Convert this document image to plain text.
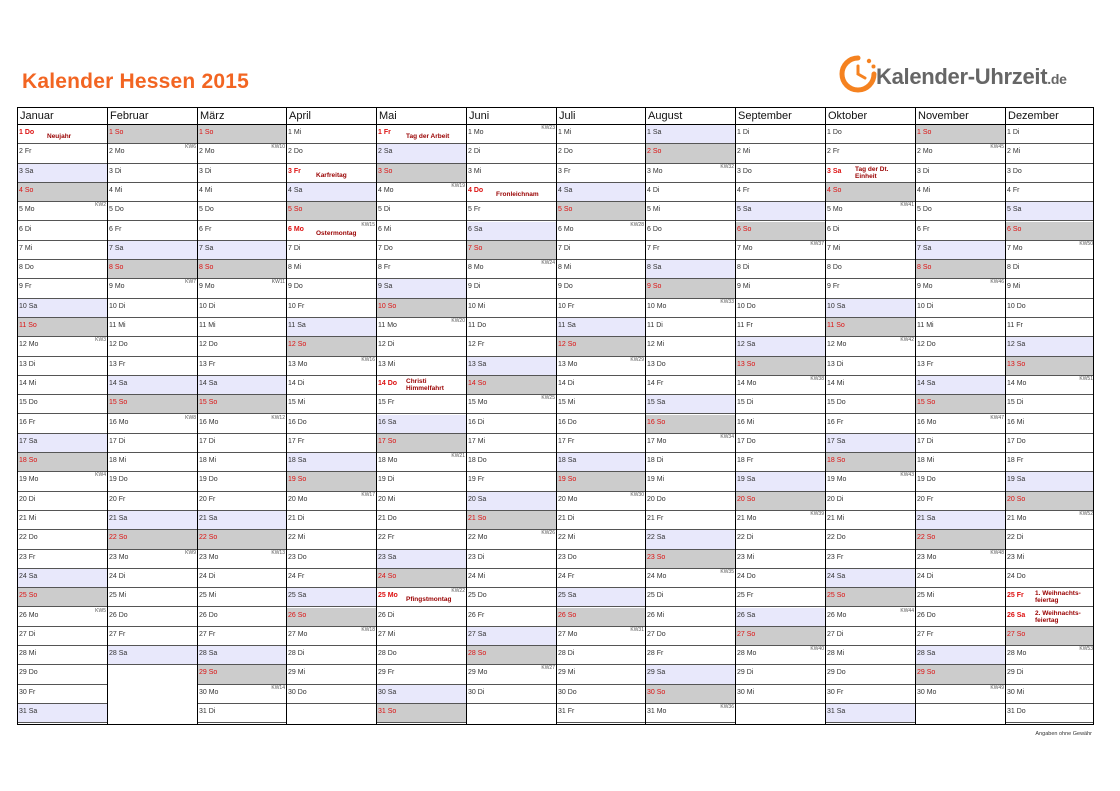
Kalender Hessen 2015	Kalender-Uhrzeit.de
Januar
1 Do
Neujahr
2 Fr
3 Sa
4 So
5 Mo
KW2
6 Di
7 Mi
8 Do
9 Fr
10 Sa
11 So
12 Mo
KW3
13 Di
14 Mi
15 Do
16 Fr
17 Sa
18 So
19 Mo
KW4
20 Di
21 Mi
22 Do
23 Fr
24 Sa
25 So
26 Mo
KW5
27 Di
28 Mi
29 Do
30 Fr
31 Sa
Februar
1 So
2 Mo
KW6
3 Di
4 Mi
5 Do
6 Fr
7 Sa
8 So
9 Mo
KW7
10 Di
11 Mi
12 Do
13 Fr
14 Sa
15 So
16 Mo
KW8
17 Di
18 Mi
19 Do
20 Fr
21 Sa
22 So
23 Mo
KW9
24 Di
25 Mi
26 Do
27 Fr
28 Sa
März
1 So
2 Mo
KW10
3 Di
4 Mi
5 Do
6 Fr
7 Sa
8 So
9 Mo
KW11
10 Di
11 Mi
12 Do
13 Fr
14 Sa
15 So
16 Mo
KW12
17 Di
18 Mi
19 Do
20 Fr
21 Sa
22 So
23 Mo
KW13
24 Di
25 Mi
26 Do
27 Fr
28 Sa
29 So
30 Mo
KW14
31 Di
April
1 Mi
2 Do
3 Fr
Karfreitag
4 Sa
5 So
6 Mo
Ostermontag
KW15
7 Di
8 Mi
9 Do
10 Fr
11 Sa
12 So
13 Mo
KW16
14 Di
15 Mi
16 Do
17 Fr
18 Sa
19 So
20 Mo
KW17
21 Di
22 Mi
23 Do
24 Fr
25 Sa
26 So
27 Mo
KW18
28 Di
29 Mi
30 Do
Mai
1 Fr
Tag der Arbeit
2 Sa
3 So
4 Mo
KW19
5 Di
6 Mi
7 Do
8 Fr
9 Sa
10 So
11 Mo
KW20
12 Di
13 Mi
14 Do Christi
Himmelfahrt
15 Fr
16 Sa
17 So
18 Mo
KW21
19 Di
20 Mi
21 Do
22 Fr
23 Sa
24 So
25 Mo
Pfingstmontag
KW22
26 Di
27 Mi
28 Do
29 Fr
30 Sa
31 So
Juni
1 Mo
KW23
2 Di
3 Mi
4 Do
Fronleichnam
5 Fr
6 Sa
7 So
8 Mo
KW24
9 Di
10 Mi
11 Do
12 Fr
13 Sa
14 So
15 Mo
KW25
16 Di
17 Mi
18 Do
19 Fr
20 Sa
21 So
22 Mo
KW26
23 Di
24 Mi
25 Do
26 Fr
27 Sa
28 So
29 Mo
KW27
30 Di
Juli
1 Mi
2 Do
3 Fr
4 Sa
5 So
6 Mo
KW28
7 Di
8 Mi
9 Do
10 Fr
11 Sa
12 So
13 Mo
KW29
14 Di
15 Mi
16 Do
17 Fr
18 Sa
19 So
20 Mo
KW30
21 Di
22 Mi
23 Do
24 Fr
25 Sa
26 So
27 Mo
KW31
28 Di
29 Mi
30 Do
31 Fr
August
1 Sa
2 So
3 Mo
KW32
4 Di
5 Mi
6 Do
7 Fr
8 Sa
9 So
10 Mo
KW33
11 Di
12 Mi
13 Do
14 Fr
15 Sa
16 So
17 Mo
KW34
18 Di
19 Mi
20 Do
21 Fr
22 Sa
23 So
24 Mo
KW35
25 Di
26 Mi
27 Do
28 Fr
29 Sa
30 So
31 Mo
KW36
September
1 Di
2 Mi
3 Do
4 Fr
5 Sa
6 So
7 Mo
KW37
8 Di
9 Mi
10 Do
11 Fr
12 Sa
13 So
14 Mo
KW38
15 Di
16 Mi
17 Do
18 Fr
19 Sa
20 So
21 Mo
KW39
22 Di
23 Mi
24 Do
25 Fr
26 Sa
27 So
28 Mo
KW40
29 Di
30 Mi
Oktober
1 Do
2 Fr
3 Sa Tag der Dt.
Einheit
4 So
5 Mo
KW41
6 Di
7 Mi
8 Do
9 Fr
10 Sa
11 So
12 Mo
KW42
13 Di
14 Mi
15 Do
16 Fr
17 Sa
18 So
19 Mo
KW43
20 Di
21 Mi
22 Do
23 Fr
24 Sa
25 So
26 Mo
KW44
27 Di
28 Mi
29 Do
30 Fr
31 Sa
November
1 So
2 Mo
KW45
3 Di
4 Mi
5 Do
6 Fr
7 Sa
8 So
9 Mo
KW46
10 Di
11 Mi
12 Do
13 Fr
14 Sa
15 So
16 Mo
KW47
17 Di
18 Mi
19 Do
20 Fr
21 Sa
22 So
23 Mo
KW48
24 Di
25 Mi
26 Do
27 Fr
28 Sa
29 So
30 Mo
KW49
Dezember
1 Di
2 Mi
3 Do
4 Fr
5 Sa
6 So
7 Mo
KW50
8 Di
9 Mi
10 Do
11 Fr
12 Sa
13 So
14 Mo
KW51
15 Di
16 Mi
17 Do
18 Fr
19 Sa
20 So
21 Mo
KW52
22 Di
23 Mi
24 Do
25 Fr 1. Weihnachts-
feiertag
26 Sa 2. Weihnachts-
feiertag
27 So
28 Mo
KW53
29 Di
30 Mi
31 Do
Angaben ohne Gewähr
